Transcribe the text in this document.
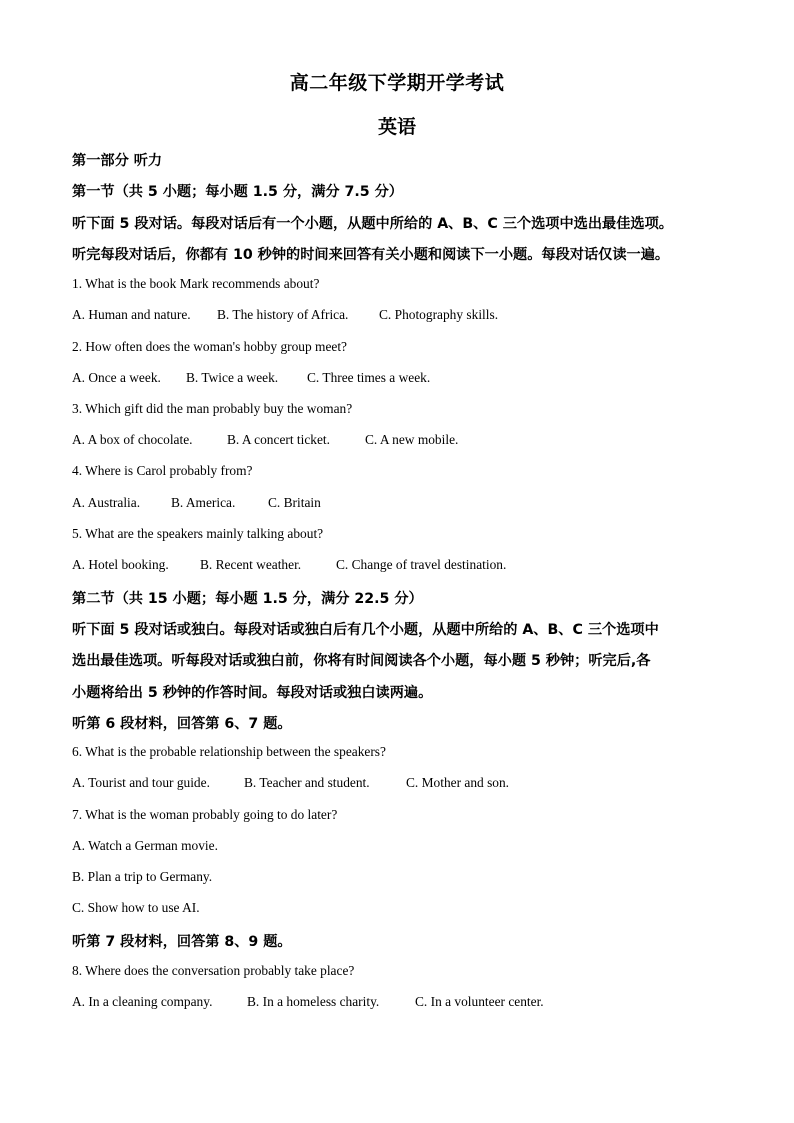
高二年级下学期开学考试
英语
第一部分 听力
第一节（共 5 小题；每小题 1.5 分，满分 7.5 分）
听下面 5 段对话。每段对话后有一个小题，从题中所给的 A、B、C 三个选项中选出最佳选项。
听完每段对话后，你都有 10 秒钟的时间来回答有关小题和阅读下一小题。每段对话仅读一遍。
1. What is the book Mark recommends about?
A. Human and nature. B. The history of Africa. C. Photography skills.
2. How often does the woman's hobby group meet?
A. Once a week. B. Twice a week. C. Three times a week.
3. Which gift did the man probably buy the woman?
A. A box of chocolate.	B. A concert ticket.	C. A new mobile.
4. Where is Carol probably from?
A. Australia. B. America. C. Britain
5. What are the speakers mainly talking about?
A. Hotel booking. B. Recent weather.	C. Change of travel destination.
第二节（共 15 小题；每小题 1.5 分，满分 22.5 分）
听下面 5 段对话或独白。每段对话或独白后有几个小题，从题中所给的 A、B、C 三个选项中
选出最佳选项。听每段对话或独白前，你将有时间阅读各个小题，每小题 5 秒钟；听完后,各
小题将给出 5 秒钟的作答时间。每段对话或独白读两遍。
听第 6 段材料，回答第 6、7 题。
6. What is the probable relationship between the speakers?
A. Tourist and tour guide.	B. Teacher and student.	C. Mother and son.
7. What is the woman probably going to do later?
A. Watch a German movie.
B. Plan a trip to Germany.
C. Show how to use AI.
听第 7 段材料，回答第 8、9 题。
8. Where does the conversation probably take place?
A. In a cleaning company.	B. In a homeless charity.	C. In a volunteer center.
